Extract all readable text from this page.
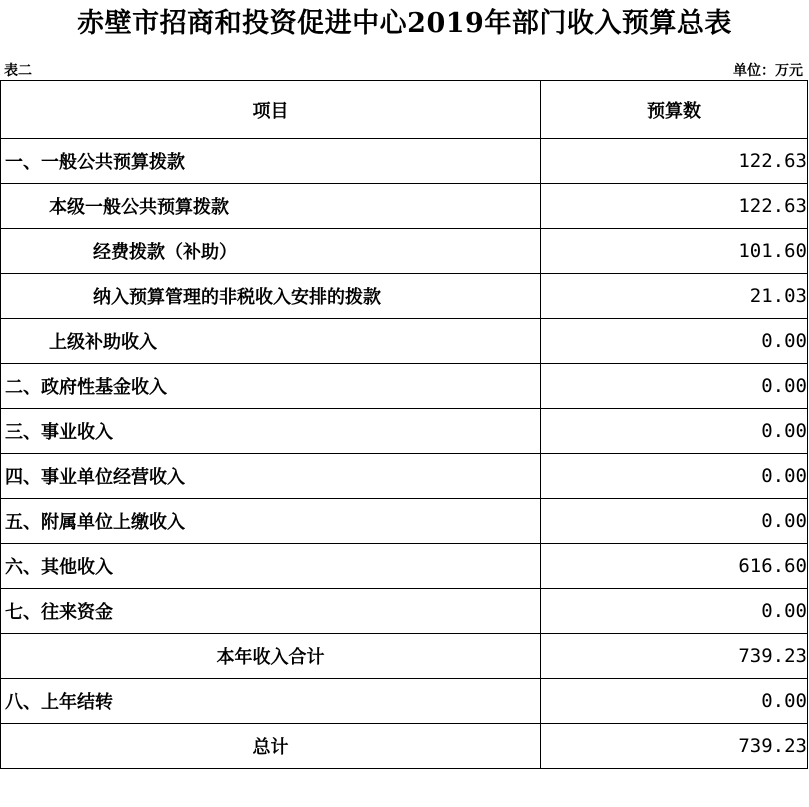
赤壁市招商和投资促进中心2019年部门收入预算总表
表二	单位：万元
项目	预算数
一、一般公共预算拨款	122.63
本级一般公共预算拨款	122.63
经费拨款（补助）	101.60
纳入预算管理的非税收入安排的拨款	21.03
上级补助收入	0.00
二、政府性基金收入	0.00
三、事业收入	0.00
四、事业单位经营收入	0.00
五、附属单位上缴收入	0.00
六、其他收入	616.60
七、往来资金	0.00
本年收入合计	739.23
八、上年结转	0.00
总计	739.23
